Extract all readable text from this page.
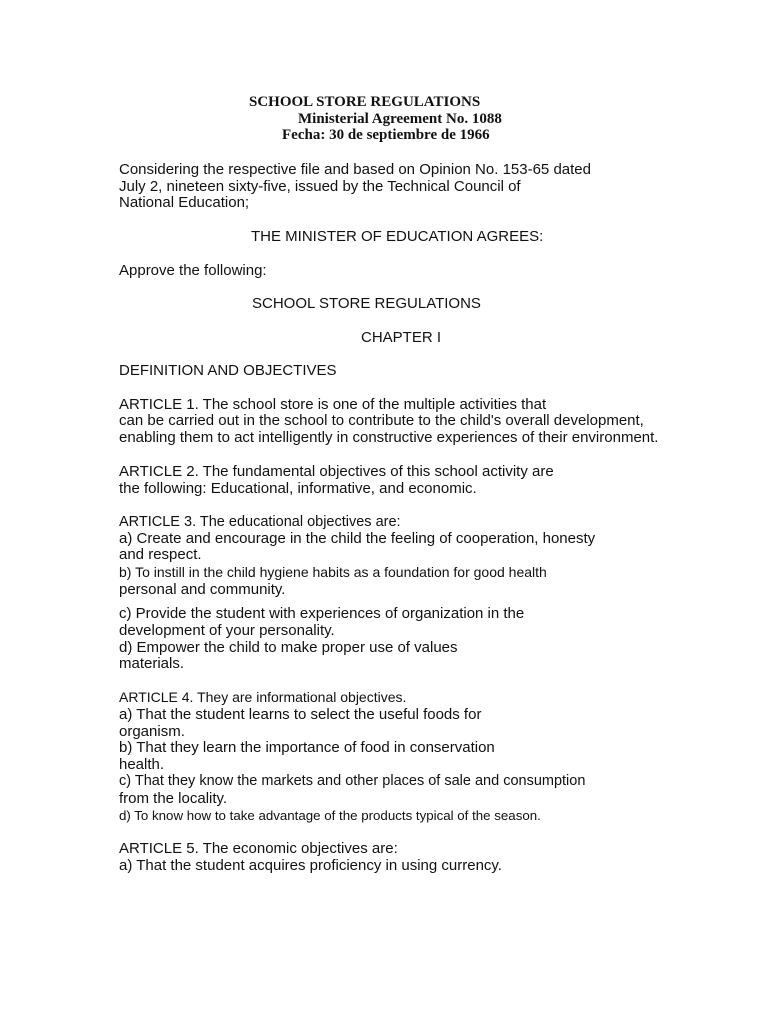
SCHOOL STORE REGULATIONS
Ministerial Agreement No. 1088
Fecha: 30 de septiembre de 1966
Considering the respective file and based on Opinion No. 153-65 dated
July 2, nineteen sixty-five, issued by the Technical Council of
National Education;
THE MINISTER OF EDUCATION AGREES:
Approve the following:
SCHOOL STORE REGULATIONS
CHAPTER I
DEFINITION AND OBJECTIVES
ARTICLE 1. The school store is one of the multiple activities that
can be carried out in the school to contribute to the child's overall development,
enabling them to act intelligently in constructive experiences of their environment.
ARTICLE 2. The fundamental objectives of this school activity are
the following: Educational, informative, and economic.
ARTICLE 3. The educational objectives are:
a) Create and encourage in the child the feeling of cooperation, honesty
and respect.
b) To instill in the child hygiene habits as a foundation for good health
personal and community.
c) Provide the student with experiences of organization in the
development of your personality.
d) Empower the child to make proper use of values
materials.
ARTICLE 4. They are informational objectives.
a) That the student learns to select the useful foods for
organism.
b) That they learn the importance of food in conservation
health.
c) That they know the markets and other places of sale and consumption
from the locality.
d) To know how to take advantage of the products typical of the season.
ARTICLE 5. The economic objectives are:
a) That the student acquires proficiency in using currency.
